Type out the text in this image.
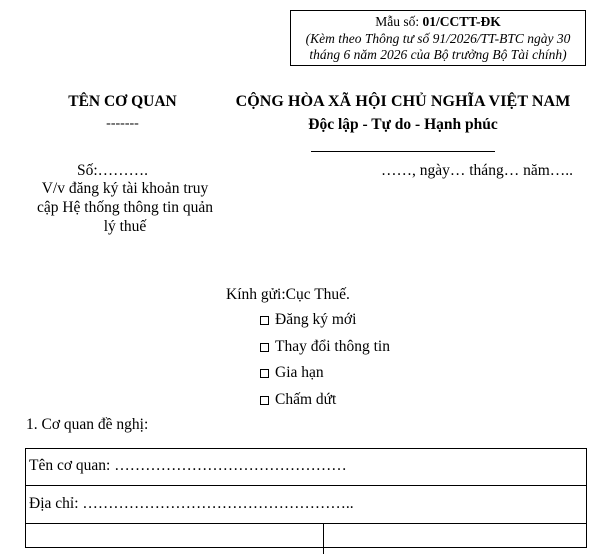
Mẫu số: 01/CCTT-ĐK
(Kèm theo Thông tư số 91/2026/TT-BTC ngày 30
tháng 6 năm 2026 của Bộ trưởng Bộ Tài chính)
TÊN CƠ QUAN
-------
CỘNG HÒA XÃ HỘI CHỦ NGHĨA VIỆT NAM
Độc lập - Tự do - Hạnh phúc
Số:……….
V/v đăng ký tài khoản truy
cập Hệ thống thông tin quản
lý thuế
……, ngày… tháng… năm…..
Kính gửi:Cục Thuế.
Đăng ký mới
Thay đổi thông tin
Gia hạn
Chấm dứt
1. Cơ quan đề nghị:
Tên cơ quan: ………………………………………
Địa chỉ: ……………………………………………..
